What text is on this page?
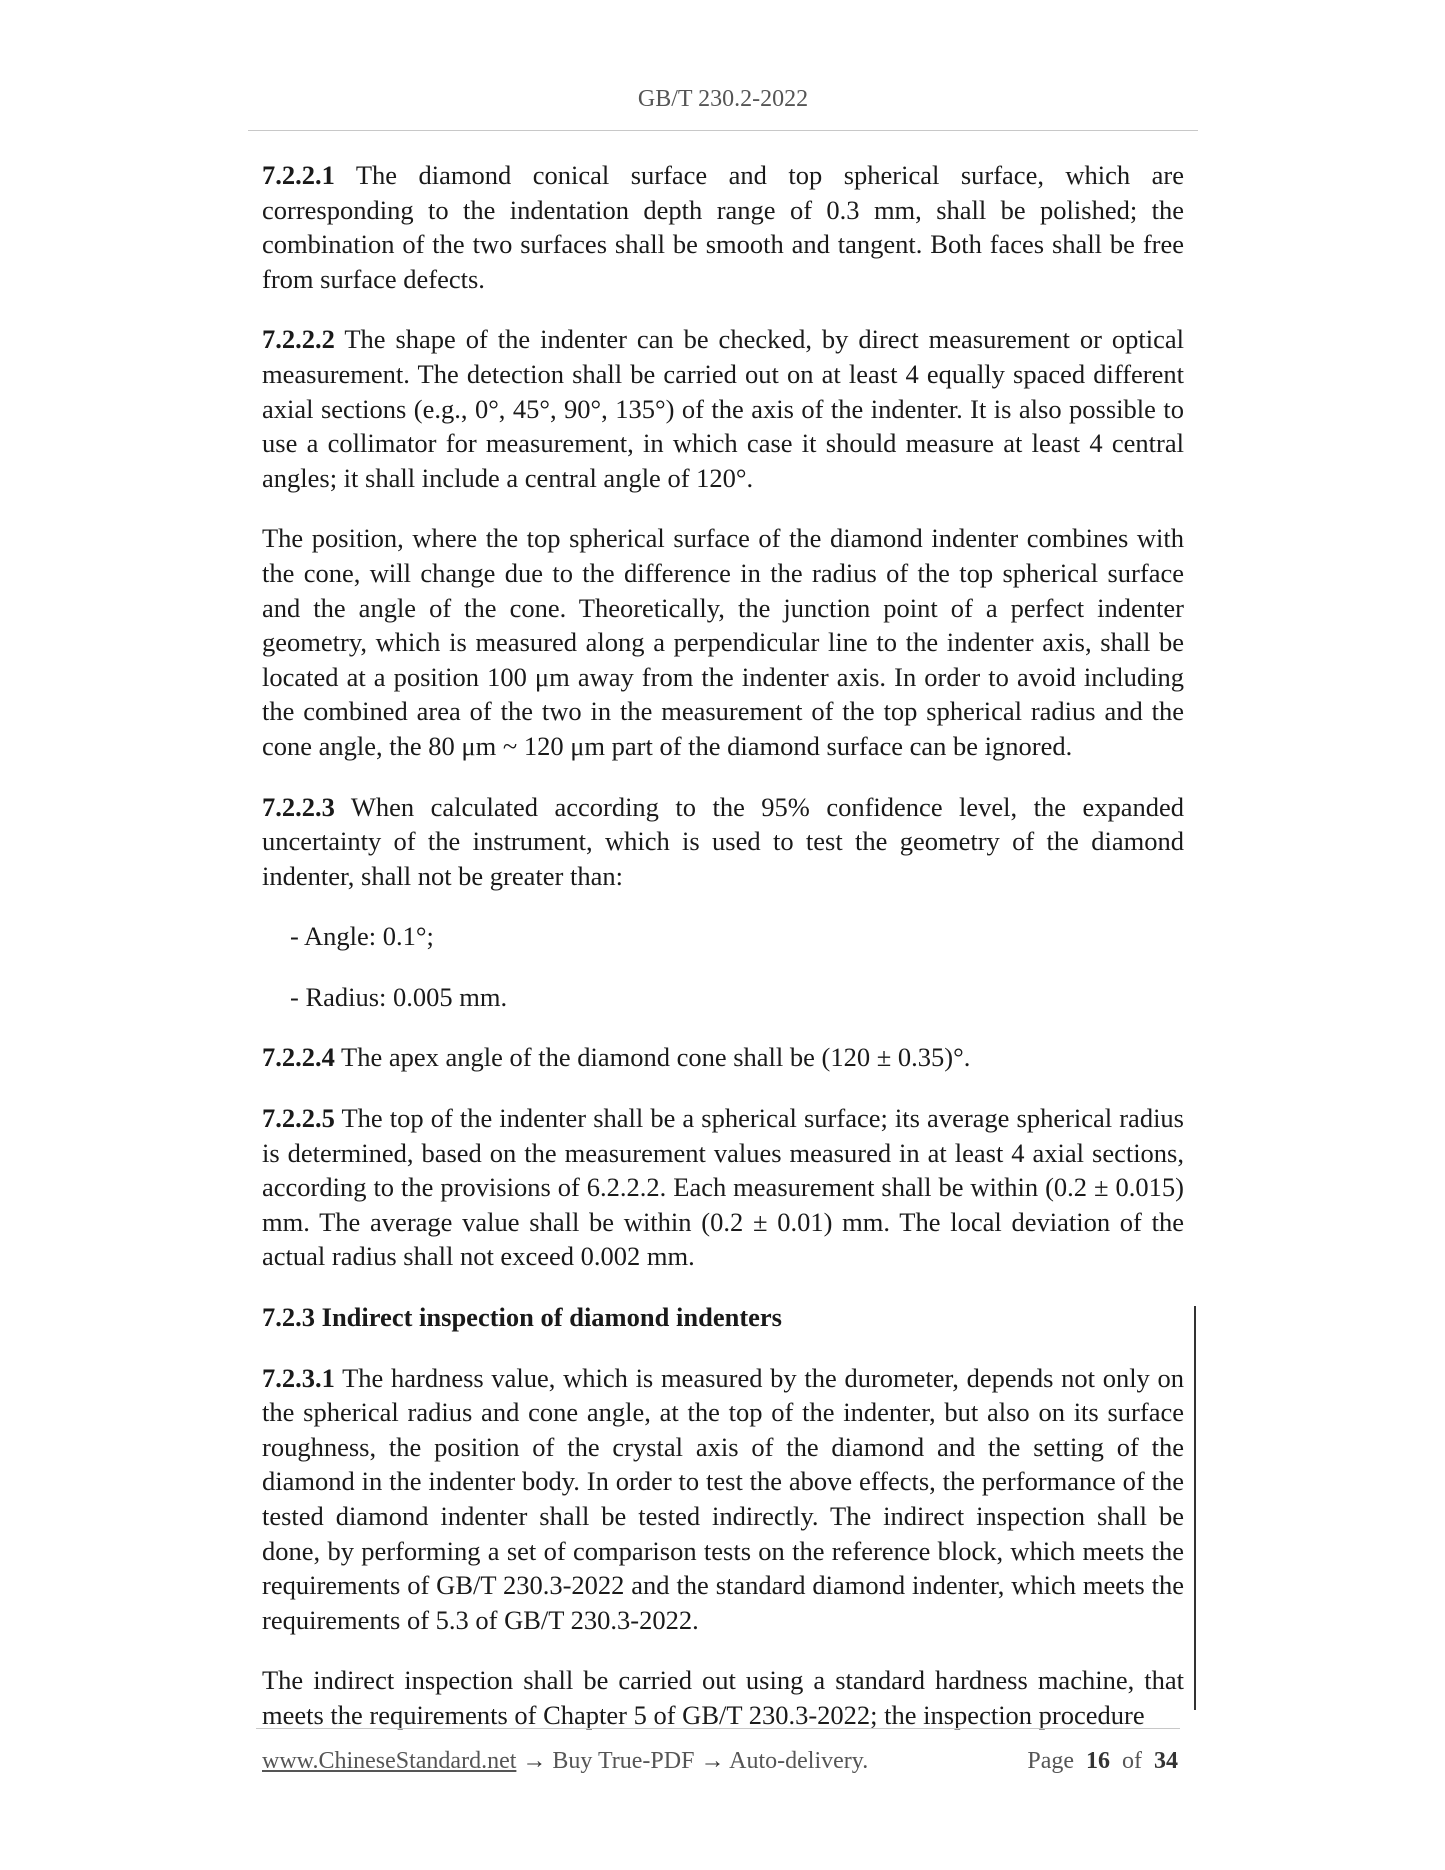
GB/T 230.2-2022

7.2.2.1 The diamond conical surface and top spherical surface, which are corresponding to the indentation depth range of 0.3 mm, shall be polished; the combination of the two surfaces shall be smooth and tangent. Both faces shall be free from surface defects.

7.2.2.2 The shape of the indenter can be checked, by direct measurement or optical measurement. The detection shall be carried out on at least 4 equally spaced different axial sections (e.g., 0°, 45°, 90°, 135°) of the axis of the indenter. It is also possible to use a collimator for measurement, in which case it should measure at least 4 central angles; it shall include a central angle of 120°.

The position, where the top spherical surface of the diamond indenter combines with the cone, will change due to the difference in the radius of the top spherical surface and the angle of the cone. Theoretically, the junction point of a perfect indenter geometry, which is measured along a perpendicular line to the indenter axis, shall be located at a position 100 μm away from the indenter axis. In order to avoid including the combined area of the two in the measurement of the top spherical radius and the cone angle, the 80 μm ~ 120 μm part of the diamond surface can be ignored.

7.2.2.3 When calculated according to the 95% confidence level, the expanded uncertainty of the instrument, which is used to test the geometry of the diamond indenter, shall not be greater than:

- Angle: 0.1°;

- Radius: 0.005 mm.

7.2.2.4 The apex angle of the diamond cone shall be (120 ± 0.35)°.

7.2.2.5 The top of the indenter shall be a spherical surface; its average spherical radius is determined, based on the measurement values measured in at least 4 axial sections, according to the provisions of 6.2.2.2. Each measurement shall be within (0.2 ± 0.015) mm. The average value shall be within (0.2 ± 0.01) mm. The local deviation of the actual radius shall not exceed 0.002 mm.

7.2.3 Indirect inspection of diamond indenters

7.2.3.1 The hardness value, which is measured by the durometer, depends not only on the spherical radius and cone angle, at the top of the indenter, but also on its surface roughness, the position of the crystal axis of the diamond and the setting of the diamond in the indenter body. In order to test the above effects, the performance of the tested diamond indenter shall be tested indirectly. The indirect inspection shall be done, by performing a set of comparison tests on the reference block, which meets the requirements of GB/T 230.3-2022 and the standard diamond indenter, which meets the requirements of 5.3 of GB/T 230.3-2022.

The indirect inspection shall be carried out using a standard hardness machine, that meets the requirements of Chapter 5 of GB/T 230.3-2022; the inspection procedure

www.ChineseStandard.net → Buy True-PDF → Auto-delivery.	Page 16 of 34
